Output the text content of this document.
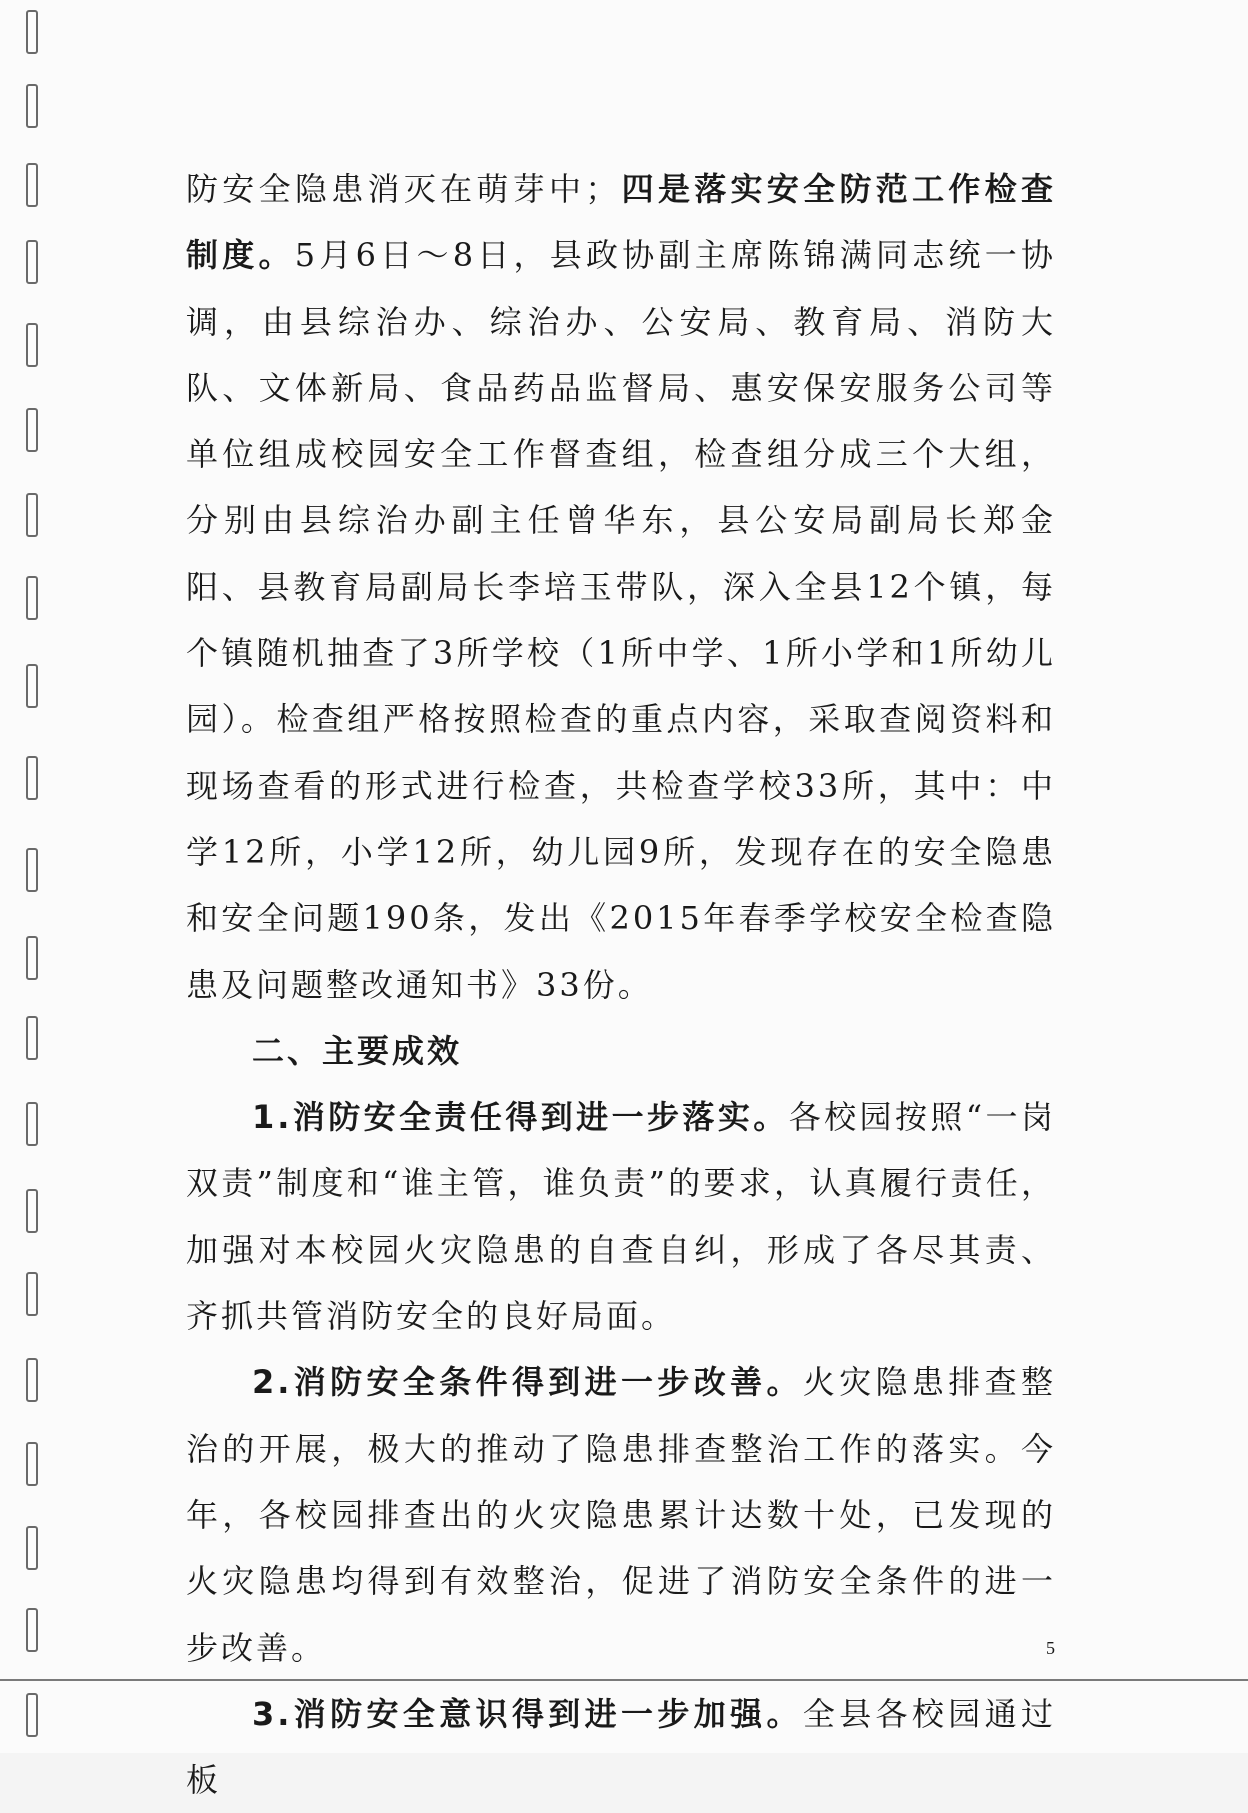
防安全隐患消灭在萌芽中；四是落实安全防范工作检查制度。5月6日～8日，县政协副主席陈锦满同志统一协调，由县综治办、综治办、公安局、教育局、消防大队、文体新局、食品药品监督局、惠安保安服务公司等单位组成校园安全工作督查组，检查组分成三个大组，分别由县综治办副主任曾华东，县公安局副局长郑金阳、县教育局副局长李培玉带队，深入全县12个镇，每个镇随机抽查了3所学校（1所中学、1所小学和1所幼儿园）。检查组严格按照检查的重点内容，采取查阅资料和现场查看的形式进行检查，共检查学校33所，其中：中学12所，小学12所，幼儿园9所，发现存在的安全隐患和安全问题190条，发出《2015年春季学校安全检查隐患及问题整改通知书》33份。

二、主要成效

1.消防安全责任得到进一步落实。各校园按照“一岗双责”制度和“谁主管，谁负责”的要求，认真履行责任，加强对本校园火灾隐患的自查自纠，形成了各尽其责、齐抓共管消防安全的良好局面。

2.消防安全条件得到进一步改善。火灾隐患排查整治的开展，极大的推动了隐患排查整治工作的落实。今年，各校园排查出的火灾隐患累计达数十处，已发现的火灾隐患均得到有效整治，促进了消防安全条件的进一步改善。

3.消防安全意识得到进一步加强。全县各校园通过板

5
